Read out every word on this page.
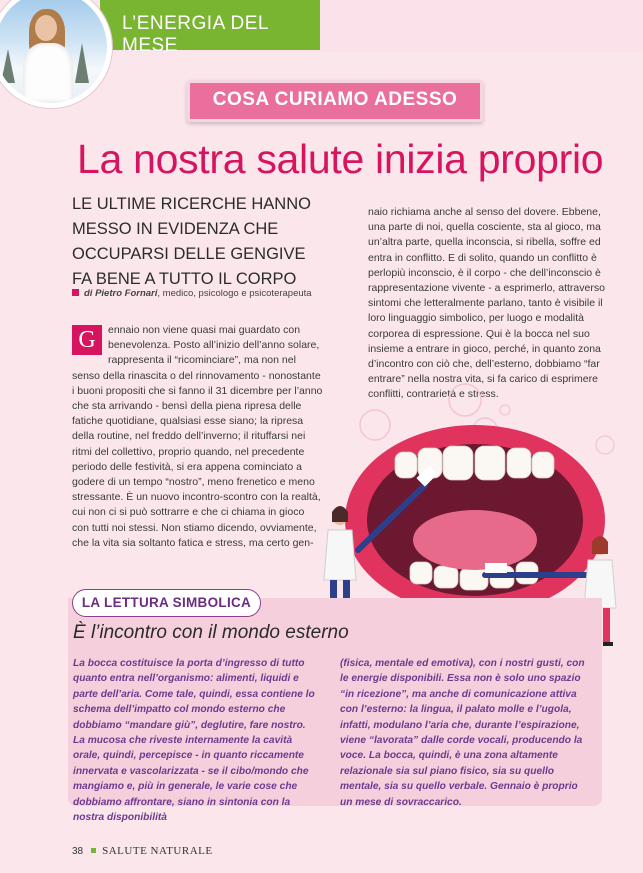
L’ENERGIA DEL MESE
COSA CURIAMO ADESSO
La nostra salute inizia proprio
LE ULTIME RICERCHE HANNO MESSO IN EVIDENZA CHE OCCUPARSI DELLE GENGIVE FA BENE A TUTTO IL CORPO
di Pietro Fornari, medico, psicologo e psicoterapeuta
G	ennaio non viene quasi mai guardato con benevolenza. Posto all’inizio dell’anno solare, rappresenta il “ricominciare”, ma non nel senso della rinascita o del rinnovamento - nonostante i buoni propositi che si fanno il 31 dicembre per l’anno che sta arrivando - bensì della piena ripresa delle fatiche quotidiane, qualsiasi esse siano; la ripresa della routine, nel freddo dell’inverno; il rituffarsi nei ritmi del collettivo, proprio quando, nel precedente periodo delle festività, si era appena cominciato a godere di un tempo “nostro”, meno frenetico e meno stressante. È un nuovo incontro-scontro con la realtà, cui non ci si può sottrarre e che ci chiama in gioco con tutti noi stessi. Non stiamo dicendo, ovviamente, che la vita sia soltanto fatica e stress, ma certo gen-
naio richiama anche al senso del dovere. Ebbene, una parte di noi, quella cosciente, sta al gioco, ma un’altra parte, quella inconscia, si ribella, soffre ed entra in conflitto. E di solito, quando un conflitto è perlopiù inconscio, è il corpo - che dell’inconscio è rappresentazione vivente - a esprimerlo, attraverso sintomi che letteralmente parlano, tanto è visibile il loro linguaggio simbolico, per luogo e modalità corporea di espressione. Qui è la bocca nel suo insieme a entrare in gioco, perché, in quanto zona d’incontro con ciò che, dell’esterno, dobbiamo “far entrare” nella nostra vita, si fa carico di esprimere conflitti, contrarietà e stress.
LA LETTURA SIMBOLICA
È l’incontro con il mondo esterno
La bocca costituisce la porta d’ingresso di tutto quanto entra nell’organismo: alimenti, liquidi e parte dell’aria. Come tale, quindi, essa contiene lo schema dell’impatto col mondo esterno che dobbiamo “mandare giù”, deglutire, fare nostro. La mucosa che riveste internamente la cavità orale, quindi, percepisce - in quanto riccamente innervata e vascolarizzata - se il cibo/mondo che mangiamo e, più in generale, le varie cose che dobbiamo affrontare, siano in sintonia con la nostra disponibilità
(fisica, mentale ed emotiva), con i nostri gusti, con le energie disponibili. Essa non è solo uno spazio “in ricezione”, ma anche di comunicazione attiva con l’esterno: la lingua, il palato molle e l’ugola, infatti, modulano l’aria che, durante l’espirazione, viene “lavorata” dalle corde vocali, producendo la voce. La bocca, quindi, è una zona altamente relazionale sia sul piano fisico, sia su quello mentale, sia su quello verbale. Gennaio è proprio un mese di sovraccarico.
38 SALUTE NATURALE
